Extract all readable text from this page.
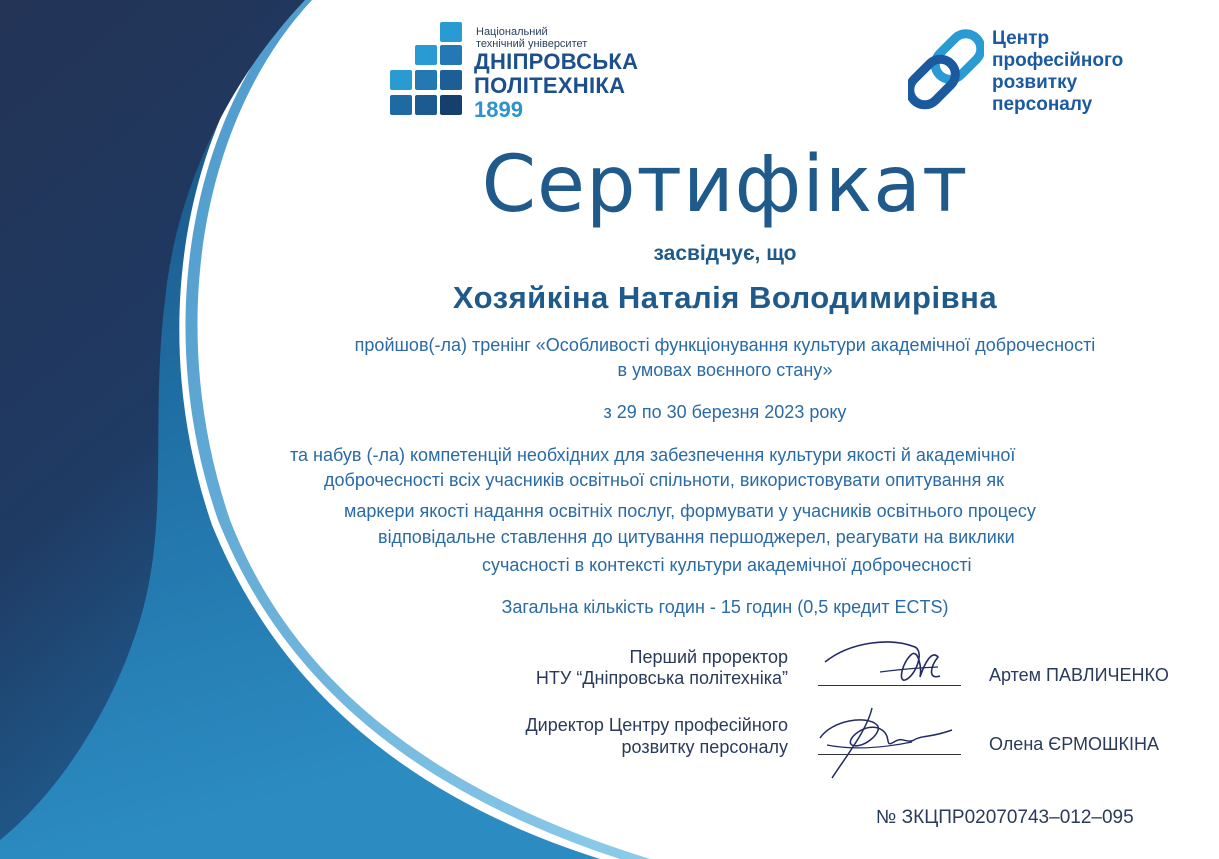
Національний
технічний університет
ДНІПРОВСЬКА
ПОЛІТЕХНІКА
1899
Центр
професійного
розвитку
персоналу
Сертифікат
засвідчує, що
Хозяйкіна Наталія Володимирівна
пройшов(-ла) тренінг «Особливості функціонування культури академічної доброчесності
в умовах воєнного стану»
з 29 по 30 березня 2023 року
та набув (-ла) компетенцій необхідних для забезпечення культури якості й академічної
доброчесності всіх учасників освітньої спільноти, використовувати опитування як
маркери якості надання освітніх послуг, формувати у учасників освітнього процесу
відповідальне ставлення до цитування першоджерел, реагувати на виклики
сучасності в контексті культури академічної доброчесності
Загальна кількість годин - 15 годин (0,5 кредит ECTS)
Перший проректор
НТУ “Дніпровська політехніка”	Артем ПАВЛИЧЕНКО
Директор Центру професійного
розвитку персоналу	Олена ЄРМОШКІНА
№ ЗКЦПР02070743–012–095
